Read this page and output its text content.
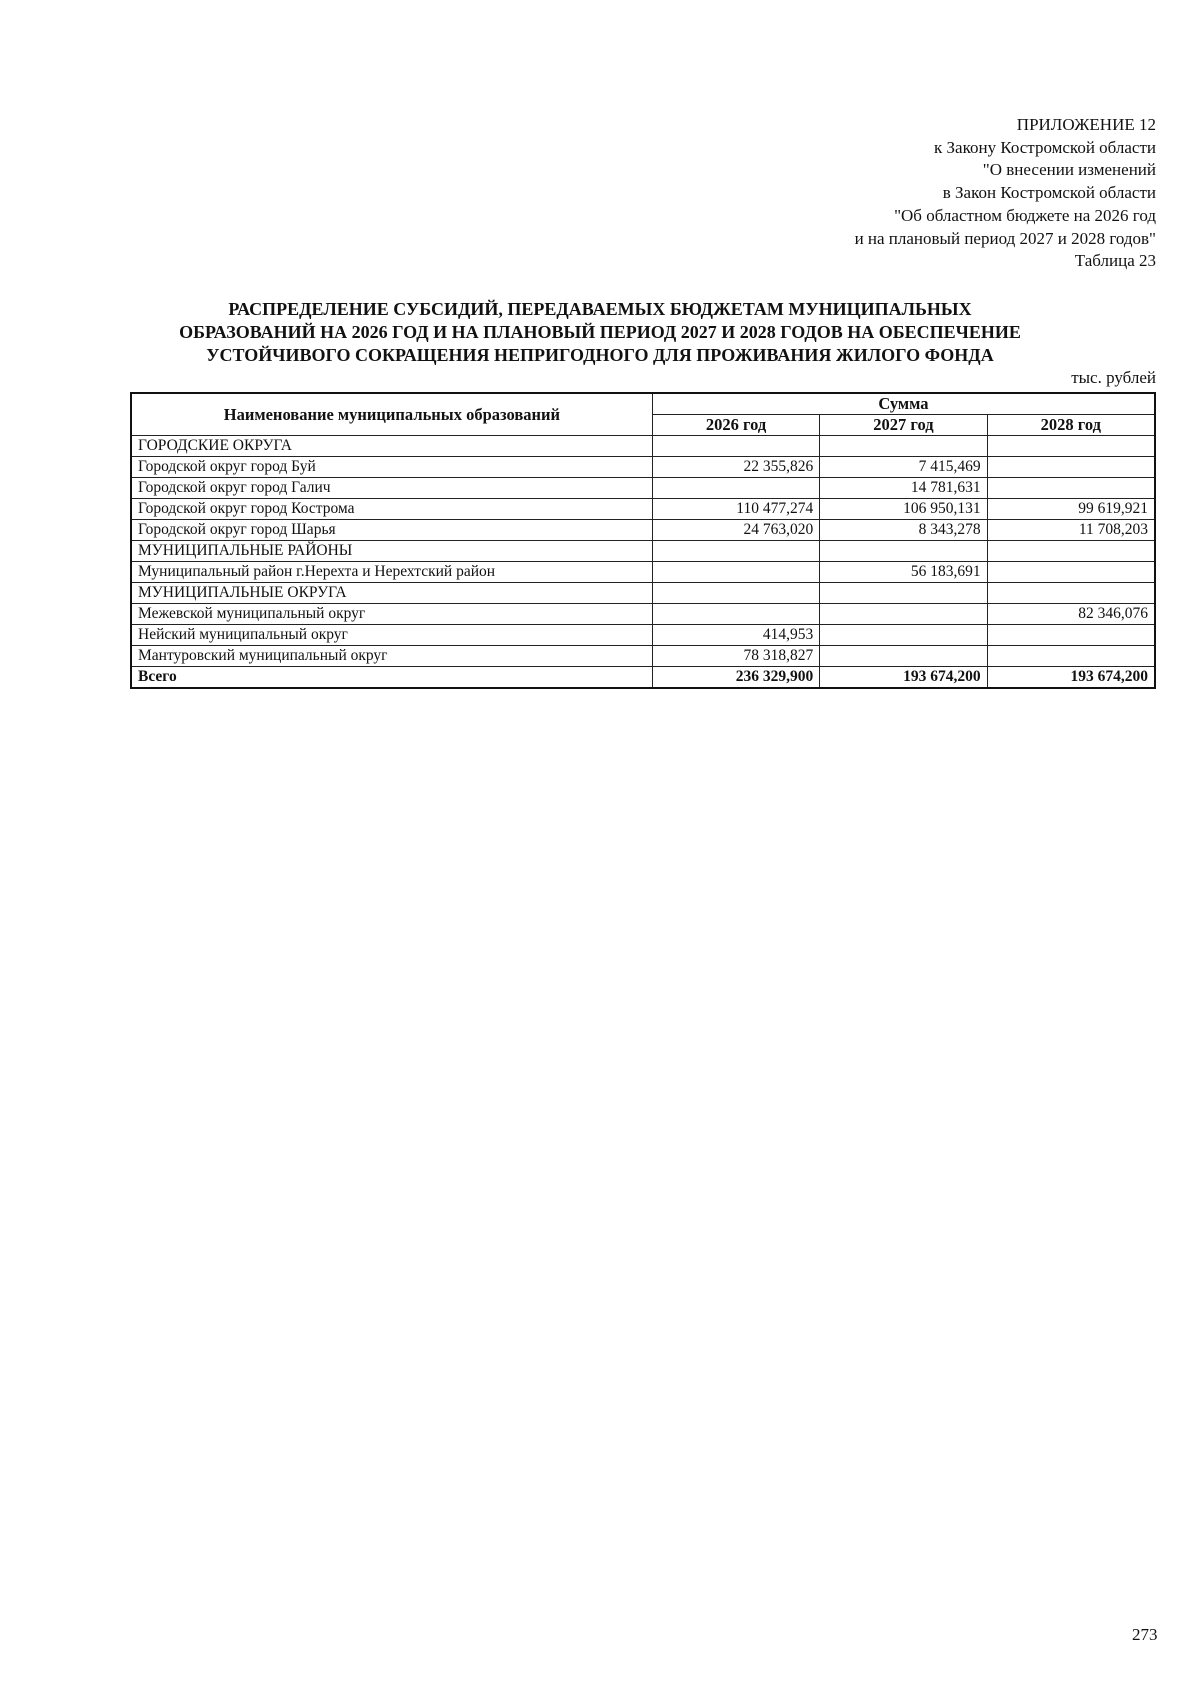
ПРИЛОЖЕНИЕ 12
к Закону Костромской области
"О внесении изменений
в Закон Костромской области
"Об областном бюджете на 2026 год
и на плановый период 2027 и 2028 годов"
Таблица 23
РАСПРЕДЕЛЕНИЕ СУБСИДИЙ, ПЕРЕДАВАЕМЫХ БЮДЖЕТАМ МУНИЦИПАЛЬНЫХ
ОБРАЗОВАНИЙ НА 2026 ГОД И НА ПЛАНОВЫЙ ПЕРИОД 2027 И 2028 ГОДОВ НА ОБЕСПЕЧЕНИЕ
УСТОЙЧИВОГО СОКРАЩЕНИЯ НЕПРИГОДНОГО ДЛЯ ПРОЖИВАНИЯ ЖИЛОГО ФОНДА
тыс. рублей
Наименование муниципальных образований	Сумма		
	2026 год	2027 год	2028 год
ГОРОДСКИЕ ОКРУГА			
Городской округ город Буй	22 355,826	7 415,469	
Городской округ город Галич		14 781,631	
Городской округ город Кострома	110 477,274	106 950,131	99 619,921
Городской округ город Шарья	24 763,020	8 343,278	11 708,203
МУНИЦИПАЛЬНЫЕ РАЙОНЫ			
Муниципальный район г.Нерехта и Нерехтский район		56 183,691	
МУНИЦИПАЛЬНЫЕ ОКРУГА			
Межевской муниципальный округ			82 346,076
Нейский муниципальный округ	414,953		
Мантуровский муниципальный округ	78 318,827		
Всего	236 329,900	193 674,200	193 674,200
273
